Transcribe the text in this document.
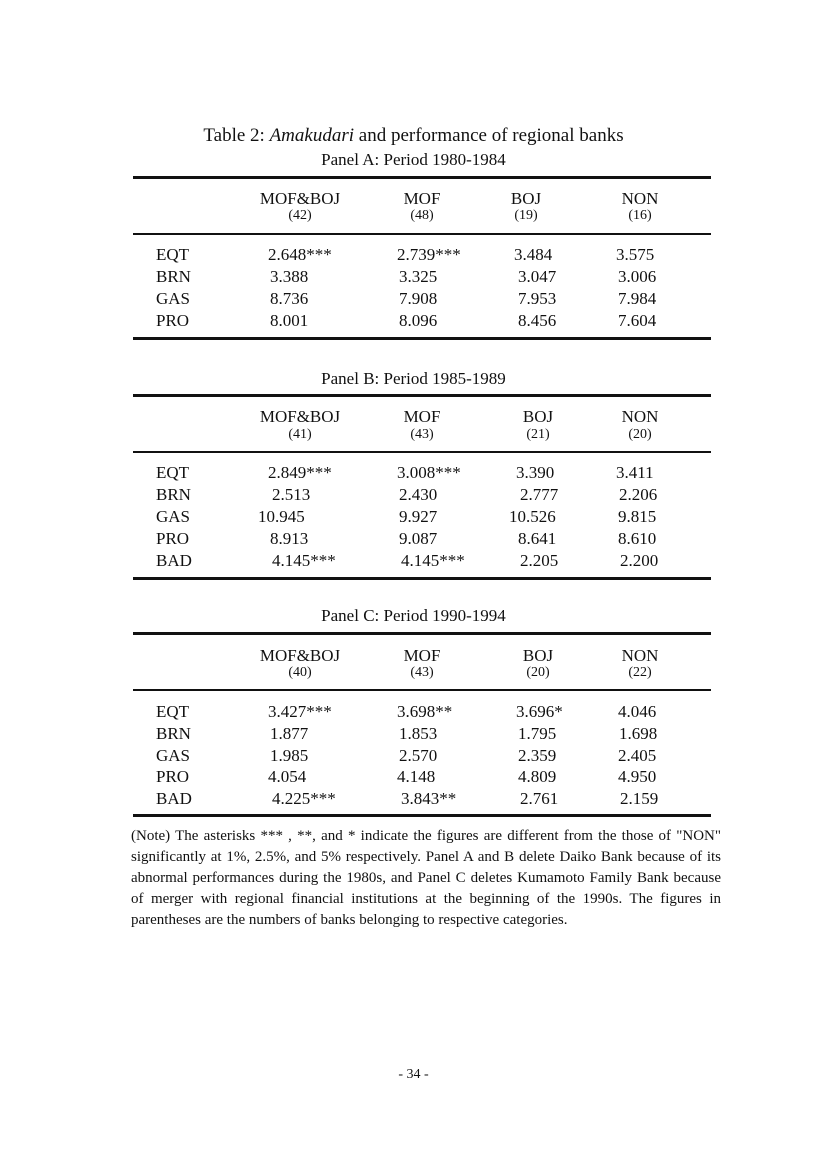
Table 2: Amakudari and performance of regional banks
Panel A: Period 1980-1984
MOF&BOJ	MOF	BOJ	NON
(42)	(48)	(19)	(16)
EQT	2.648***	2.739***	3.484	3.575
BRN	3.388	3.325	3.047	3.006
GAS	8.736	7.908	7.953	7.984
PRO	8.001	8.096	8.456	7.604
Panel B: Period 1985-1989
MOF&BOJ	MOF	BOJ	NON
(41)	(43)	(21)	(20)
EQT	2.849***	3.008***	3.390	3.411
BRN	2.513	2.430	2.777	2.206
GAS	10.945	9.927	10.526	9.815
PRO	8.913	9.087	8.641	8.610
BAD	4.145***	4.145***	2.205	2.200
Panel C: Period 1990-1994
MOF&BOJ	MOF	BOJ	NON
(40)	(43)	(20)	(22)
EQT	3.427***	3.698**	3.696*	4.046
BRN	1.877	1.853	1.795	1.698
GAS	1.985	2.570	2.359	2.405
PRO	4.054	4.148	4.809	4.950
BAD	4.225***	3.843**	2.761	2.159
(Note) The asterisks *** , **, and * indicate the figures are different from the those of "NON" significantly at 1%, 2.5%, and 5% respectively. Panel A and B delete Daiko Bank because of its abnormal performances during the 1980s, and Panel C deletes Kumamoto Family Bank because of merger with regional financial institutions at the beginning of the 1990s. The figures in parentheses are the numbers of banks belonging to respective categories.
- 34 -
